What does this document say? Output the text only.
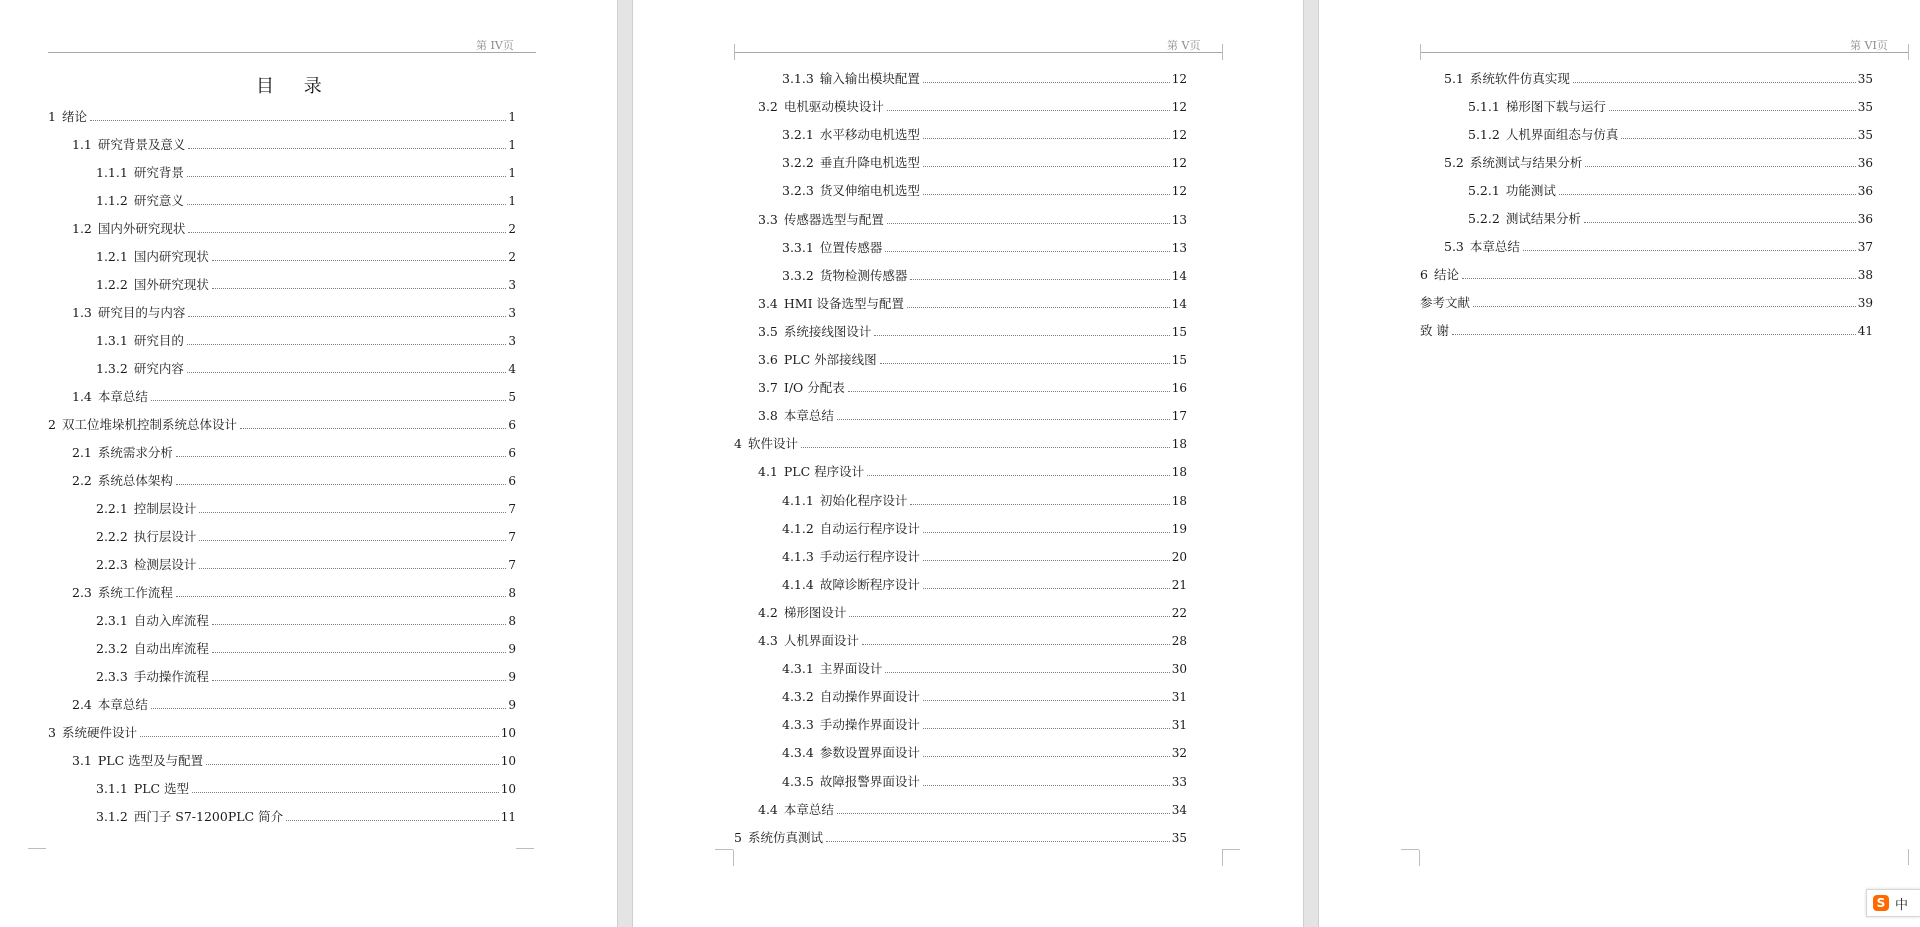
第 IV页
目 录
1 绪论	1
1.1 研究背景及意义	1
1.1.1 研究背景	1
1.1.2 研究意义	1
1.2 国内外研究现状	2
1.2.1 国内研究现状	2
1.2.2 国外研究现状	3
1.3 研究目的与内容	3
1.3.1 研究目的	3
1.3.2 研究内容	4
1.4 本章总结	5
2 双工位堆垛机控制系统总体设计	6
2.1 系统需求分析	6
2.2 系统总体架构	6
2.2.1 控制层设计	7
2.2.2 执行层设计	7
2.2.3 检测层设计	7
2.3 系统工作流程	8
2.3.1 自动入库流程	8
2.3.2 自动出库流程	9
2.3.3 手动操作流程	9
2.4 本章总结	9
3 系统硬件设计	10
3.1 PLC 选型及与配置	10
3.1.1 PLC 选型	10
3.1.2 西门子 S7-1200PLC 简介	11
第 V页
3.1.3 输入输出模块配置	12
3.2 电机驱动模块设计	12
3.2.1 水平移动电机选型	12
3.2.2 垂直升降电机选型	12
3.2.3 货叉伸缩电机选型	12
3.3 传感器选型与配置	13
3.3.1 位置传感器	13
3.3.2 货物检测传感器	14
3.4 HMI 设备选型与配置	14
3.5 系统接线图设计	15
3.6 PLC 外部接线图	15
3.7 I/O 分配表	16
3.8 本章总结	17
4 软件设计	18
4.1 PLC 程序设计	18
4.1.1 初始化程序设计	18
4.1.2 自动运行程序设计	19
4.1.3 手动运行程序设计	20
4.1.4 故障诊断程序设计	21
4.2 梯形图设计	22
4.3 人机界面设计	28
4.3.1 主界面设计	30
4.3.2 自动操作界面设计	31
4.3.3 手动操作界面设计	31
4.3.4 参数设置界面设计	32
4.3.5 故障报警界面设计	33
4.4 本章总结	34
5 系统仿真测试	35
第 VI页
5.1 系统软件仿真实现	35
5.1.1 梯形图下载与运行	35
5.1.2 人机界面组态与仿真	35
5.2 系统测试与结果分析	36
5.2.1 功能测试	36
5.2.2 测试结果分析	36
5.3 本章总结	37
6 结论	38
参考文献	39
致 谢	41
S 中
